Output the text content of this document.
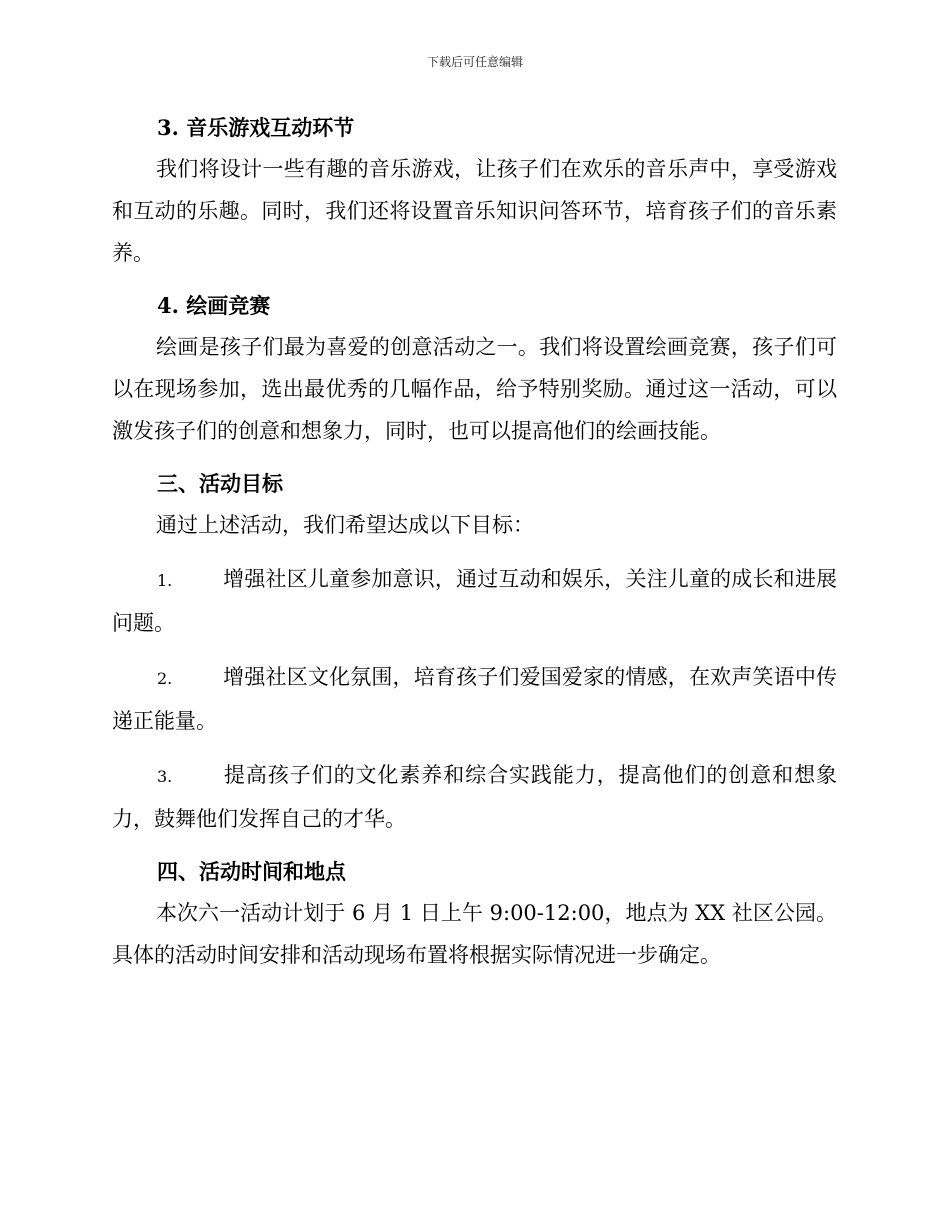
下载后可任意编辑
3. 音乐游戏互动环节

我们将设计一些有趣的音乐游戏，让孩子们在欢乐的音乐声中，享受游戏和互动的乐趣。同时，我们还将设置音乐知识问答环节，培育孩子们的音乐素养。

4. 绘画竞赛

绘画是孩子们最为喜爱的创意活动之一。我们将设置绘画竞赛，孩子们可以在现场参加，选出最优秀的几幅作品，给予特别奖励。通过这一活动，可以激发孩子们的创意和想象力，同时，也可以提高他们的绘画技能。

三、活动目标

通过上述活动，我们希望达成以下目标：

1. 增强社区儿童参加意识，通过互动和娱乐，关注儿童的成长和进展问题。

2. 增强社区文化氛围，培育孩子们爱国爱家的情感，在欢声笑语中传递正能量。

3. 提高孩子们的文化素养和综合实践能力，提高他们的创意和想象力，鼓舞他们发挥自己的才华。

四、活动时间和地点

本次六一活动计划于 6 月 1 日上午 9:00-12:00，地点为 XX 社区公园。具体的活动时间安排和活动现场布置将根据实际情况进一步确定。
